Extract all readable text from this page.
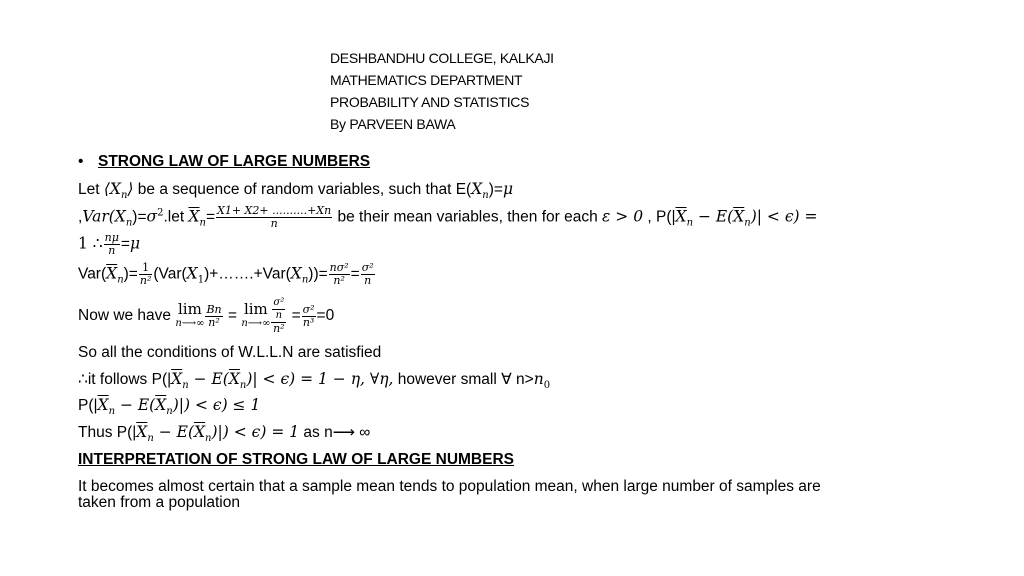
DESHBANDHU COLLEGE, KALKAJI
MATHEMATICS DEPARTMENT
PROBABILITY AND STATISTICS
By PARVEEN BAWA
• STRONG LAW OF LARGE NUMBERS
Let $⟨X_n⟩$ be a sequence of random variables, such that $E(X_n)=\mu$
$,Var(X_n)=\sigma^2.let$ $\overline{X}_n= \frac{X1+ X2+ ..........+Xn}{n}$ be their mean variables, then for each ε > 0 , $P(|\overline{X}_n - E(\overline{X}_n)| < \epsilon)$ =
1 ∴ $\frac{n\mu}{n} =\mu$
$Var(\overline{X}_n)= \frac{1}{\text{n²}}$ $(Var(X_1)+\dots\dots.+Var(X_n))= \frac{\text{nσ²}}{\text{n²}} = \frac{\text{σ²}}{n}$
Now we have lim
n⟶∞ $\frac{Bn}{\text{n²}} = \lim$
n⟶∞ $\frac{\frac{\text{σ²}}{n}}{\text{n²}} = \frac{\text{σ²}}{\text{n³}} =0$
So all the conditions of W.L.L.N are satisfied
∴it follows $P(|\overline{X}_n - E(\overline{X}_n)| < \epsilon) = 1 - \eta$, ∀η, however small ∀ $n>n_0$
$P(|\overline{X}_n - E(\overline{X}_n)|) < \epsilon) \le 1$
Thus $P(|\overline{X}_n - E(\overline{X}_n)|) < \epsilon) = 1$ as n⟶ ∞
INTERPRETATION OF STRONG LAW OF LARGE NUMBERS
It becomes almost certain that a sample mean tends to population mean, when large number of samples are
taken from a population
